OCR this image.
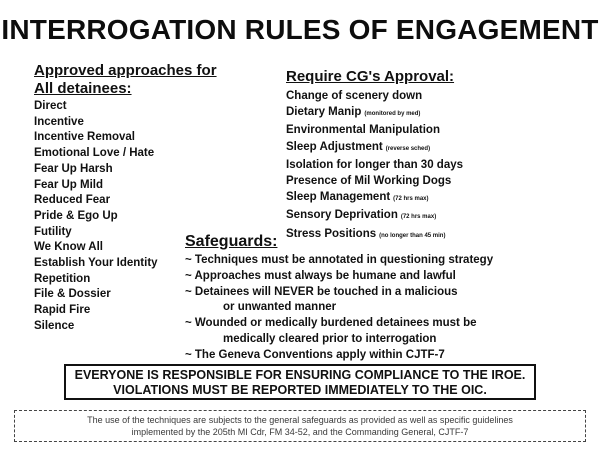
INTERROGATION RULES OF ENGAGEMENT
Approved approaches for
All detainees:
Direct
Incentive
Incentive Removal
Emotional Love / Hate
Fear Up Harsh
Fear Up Mild
Reduced Fear
Pride & Ego Up
Futility
We Know All
Establish Your Identity
Repetition
File & Dossier
Rapid Fire
Silence
Require CG's Approval:
Change of scenery down
Dietary Manip (monitored by med)
Environmental Manipulation
Sleep Adjustment (reverse sched)
Isolation for longer than 30 days
Presence of Mil Working Dogs
Sleep Management (72 hrs max)
Sensory Deprivation (72 hrs max)
Stress Positions (no longer than 45 min)
Safeguards:
~ Techniques must be annotated in questioning strategy
~ Approaches must always be humane and lawful
~ Detainees will NEVER be touched in a malicious
or unwanted manner
~ Wounded or medically burdened detainees must be
medically cleared prior to interrogation
~ The Geneva Conventions apply within CJTF-7
EVERYONE IS RESPONSIBLE FOR ENSURING COMPLIANCE TO THE IROE.
VIOLATIONS MUST BE REPORTED IMMEDIATELY TO THE OIC.
The use of the techniques are subjects to the general safeguards as provided as well as specific guidelines
implemented by the 205th MI Cdr, FM 34-52, and the Commanding General, CJTF-7
